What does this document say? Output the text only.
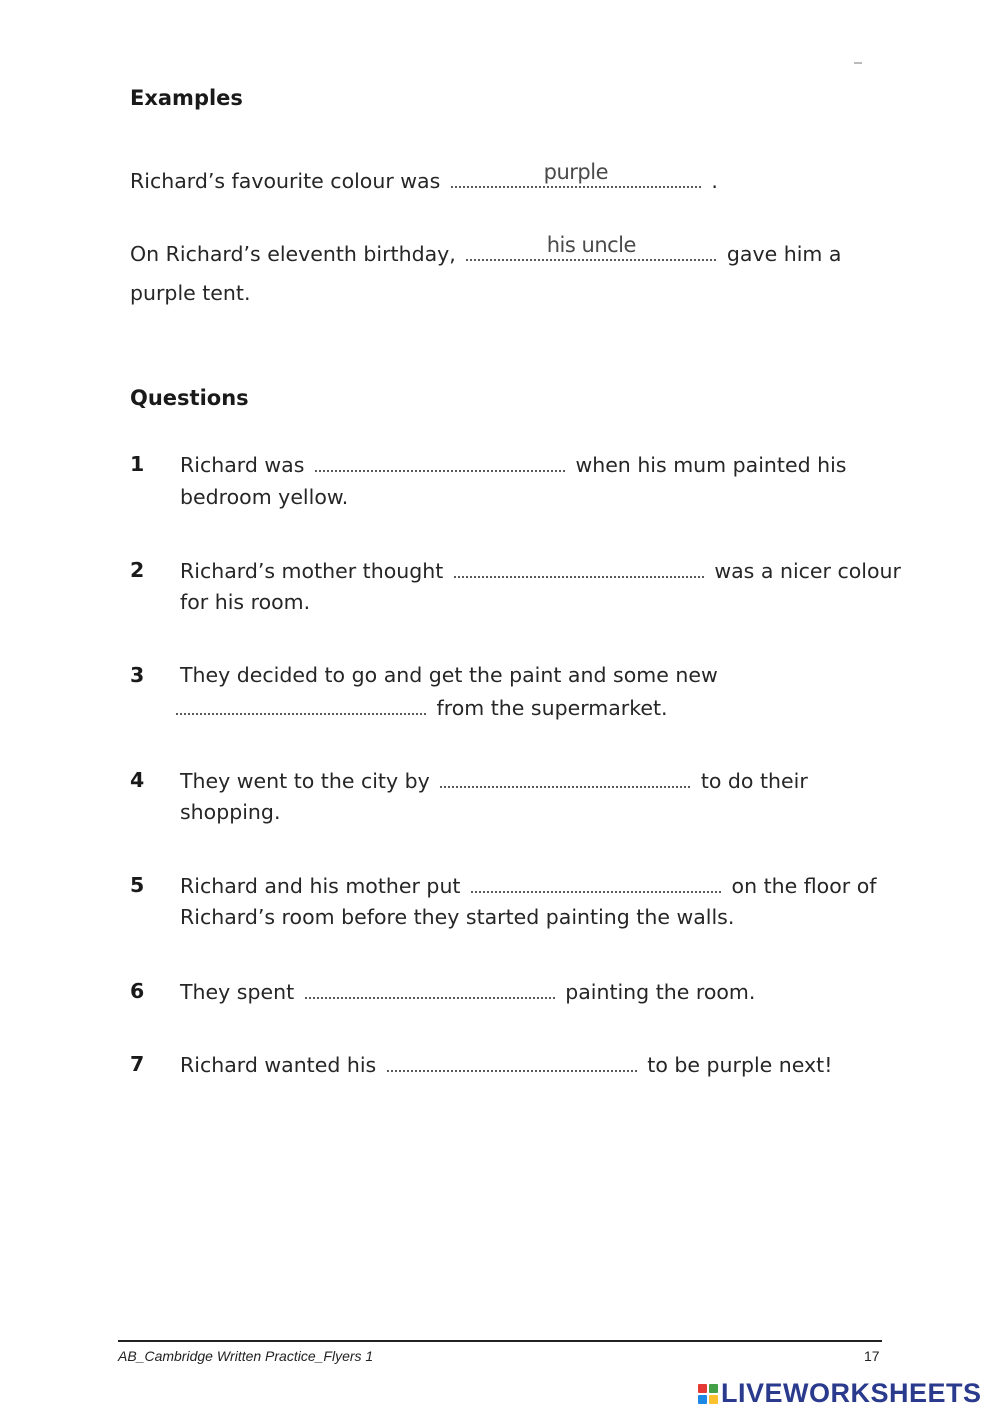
Examples
Richard’s favourite colour was	purple	.
On Richard’s eleventh birthday,	his uncle	gave him a
purple tent.
Questions
1 Richard was	when his mum painted his
bedroom yellow.
2 Richard’s mother thought	was a nicer colour
for his room.
3 They decided to go and get the paint and some new
from the supermarket.
4 They went to the city by	to do their
shopping.
5 Richard and his mother put	on the floor of
Richard’s room before they started painting the walls.
6 They spent	painting the room.
7 Richard wanted his	to be purple next!
AB_Cambridge Written Practice_Flyers 1	17
LIVEWORKSHEETS
